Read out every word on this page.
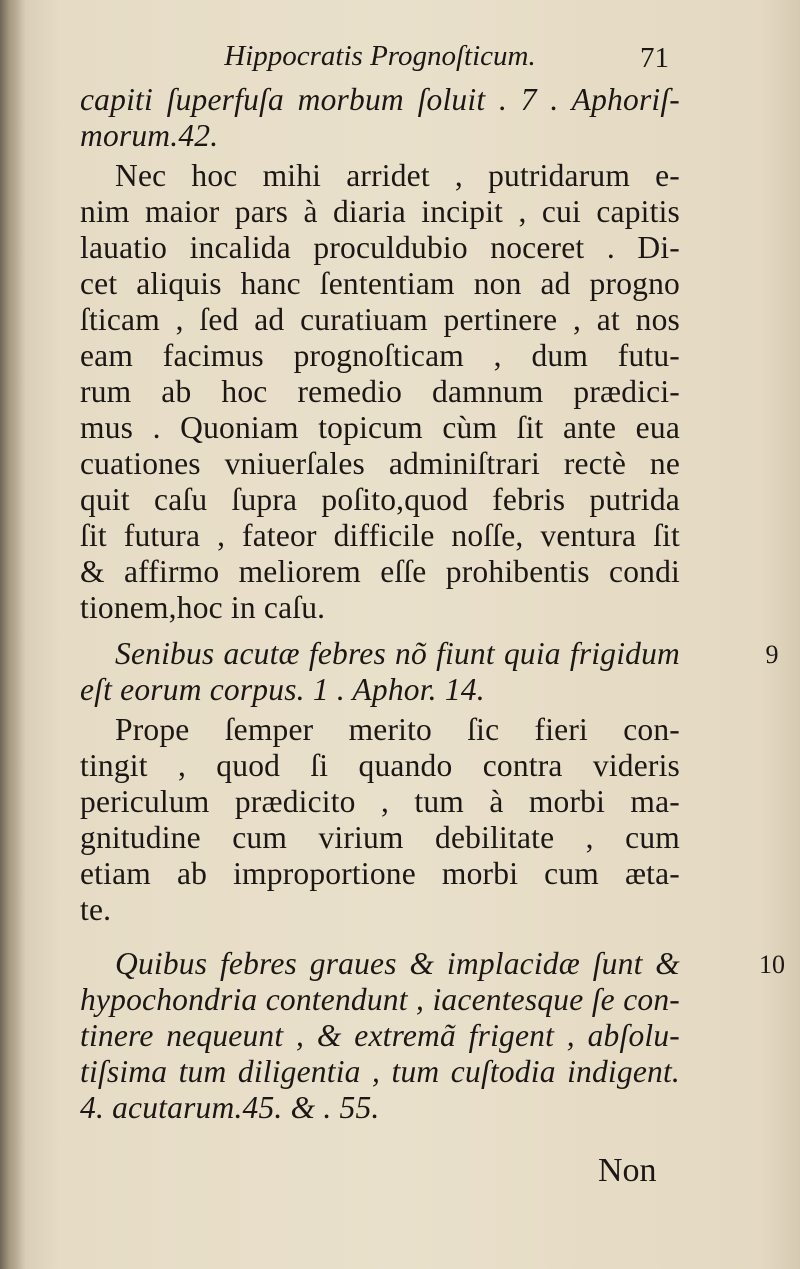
Hippocratis Prognoſticum.	71
capiti ſuperfuſa morbum ſoluit . 7 . Aphoriſ-
morum.42.
Nec hoc mihi arridet , putridarum e-
nim maior pars à diaria incipit , cui capitis
lauatio incalida proculdubio noceret . Di-
cet aliquis hanc ſententiam non ad progno
ſticam , ſed ad curatiuam pertinere , at nos
eam facimus prognoſticam , dum futu-
rum ab hoc remedio damnum prædici-
mus . Quoniam topicum cùm ſit ante eua
cuationes vniuerſales adminiſtrari rectè ne
quit caſu ſupra poſito,quod febris putrida
ſit futura , fateor difficile noſſe, ventura ſit
& affirmo meliorem eſſe prohibentis condi
tionem,hoc in caſu.
Senibus acutæ febres nõ fiunt quia frigidum
eſt eorum corpus. 1 . Aphor. 14.
9
Prope ſemper merito ſic fieri con-
tingit , quod ſi quando contra videris
periculum prædicito , tum à morbi ma-
gnitudine cum virium debilitate , cum
etiam ab improportione morbi cum æta-
te.
Quibus febres graues & implacidæ ſunt &	10
hypochondria contendunt , iacentesque ſe con-
tinere nequeunt , & extremã frigent , abſolu-
tiſsima tum diligentia , tum cuſtodia indigent.
4. acutarum.45. & . 55.
Non
